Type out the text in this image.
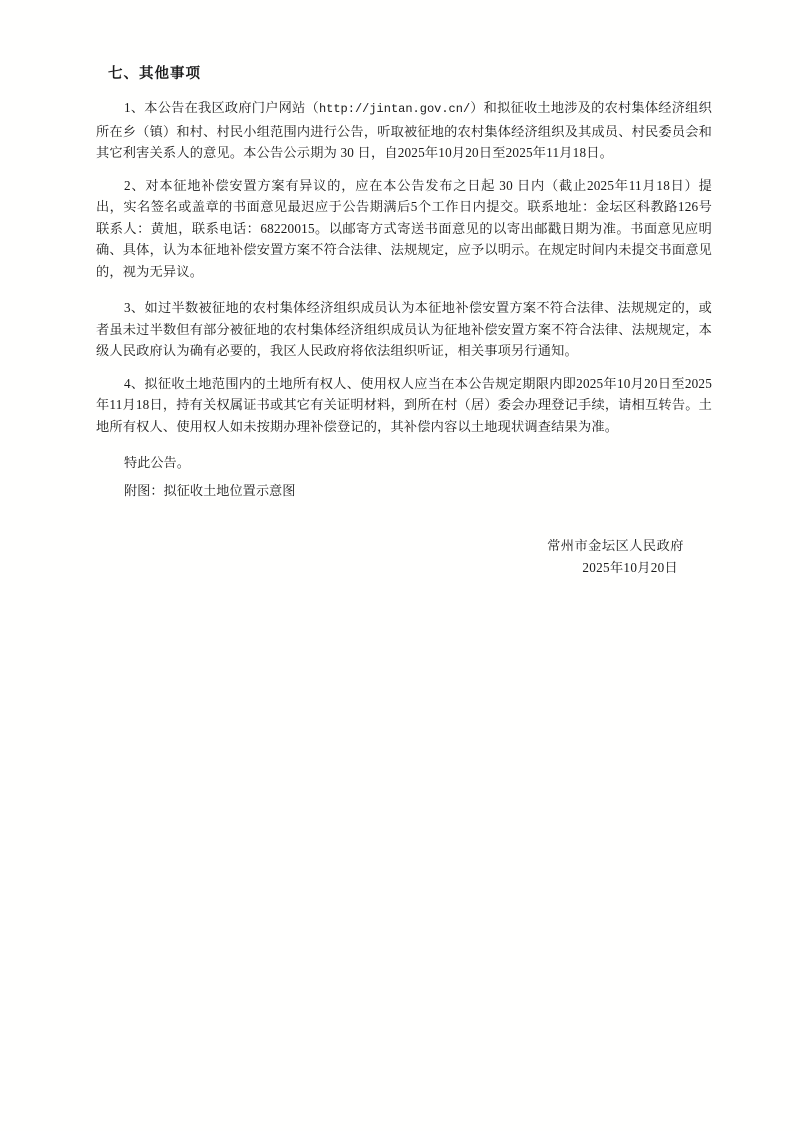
七、其他事项

1、本公告在我区政府门户网站（http://jintan.gov.cn/）和拟征收土地涉及的农村集体经济组织所在乡（镇）和村、村民小组范围内进行公告，听取被征地的农村集体经济组织及其成员、村民委员会和其它利害关系人的意见。本公告公示期为 30 日，自2025年10月20日至2025年11月18日。

2、对本征地补偿安置方案有异议的，应在本公告发布之日起 30 日内（截止2025年11月18日）提出，实名签名或盖章的书面意见最迟应于公告期满后5个工作日内提交。联系地址：金坛区科教路126号 联系人：黄旭，联系电话：68220015。以邮寄方式寄送书面意见的以寄出邮戳日期为准。书面意见应明确、具体，认为本征地补偿安置方案不符合法律、法规规定，应予以明示。在规定时间内未提交书面意见的，视为无异议。

3、如过半数被征地的农村集体经济组织成员认为本征地补偿安置方案不符合法律、法规规定的，或者虽未过半数但有部分被征地的农村集体经济组织成员认为征地补偿安置方案不符合法律、法规规定，本级人民政府认为确有必要的，我区人民政府将依法组织听证，相关事项另行通知。

4、拟征收土地范围内的土地所有权人、使用权人应当在本公告规定期限内即2025年10月20日至2025年11月18日，持有关权属证书或其它有关证明材料，到所在村（居）委会办理登记手续，请相互转告。土地所有权人、使用权人如未按期办理补偿登记的，其补偿内容以土地现状调查结果为准。

特此公告。

附图：拟征收土地位置示意图

常州市金坛区人民政府
2025年10月20日
